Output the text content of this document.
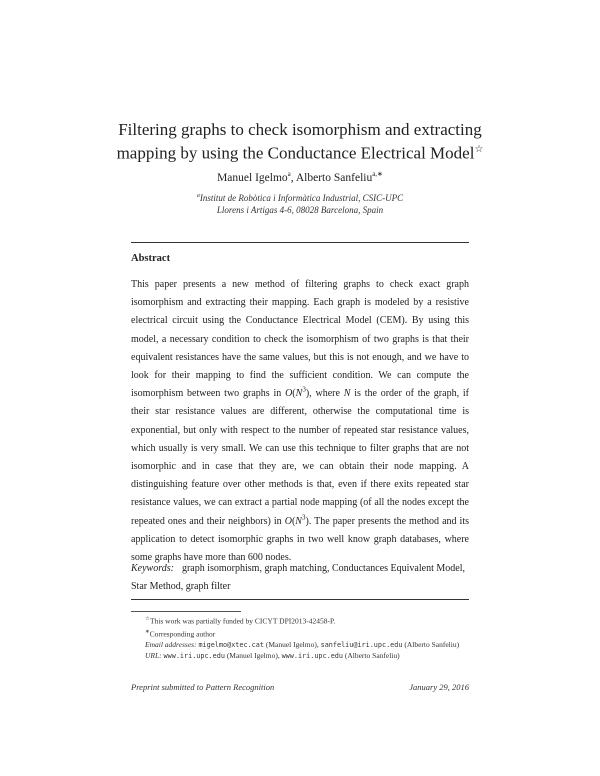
Filtering graphs to check isomorphism and extracting
mapping by using the Conductance Electrical Model☆
Manuel Igelmo$^a$, Alberto Sanfeliu$^{a,∗}$
$^a$Institut de Robòtica i Informàtica Industrial, CSIC-UPC
Llorens i Artigas 4-6, 08028 Barcelona, Spain
Abstract
This paper presents a new method of filtering graphs to check exact graph isomorphism and extracting their mapping. Each graph is modeled by a resistive electrical circuit using the Conductance Electrical Model (CEM). By using this model, a necessary condition to check the isomorphism of two graphs is that their equivalent resistances have the same values, but this is not enough, and we have to look for their mapping to find the sufficient condition. We can compute the isomorphism between two graphs in $O(N^3)$, where N is the order of the graph, if their star resistance values are different, otherwise the computational time is exponential, but only with respect to the number of repeated star resistance values, which usually is very small. We can use this technique to filter graphs that are not isomorphic and in case that they are, we can obtain their node mapping. A distinguishing feature over other methods is that, even if there exits repeated star resistance values, we can extract a partial node mapping (of all the nodes except the repeated ones and their neighbors) in $O(N^3)$. The paper presents the method and its application to detect isomorphic graphs in two well know graph databases, where some graphs have more than 600 nodes.
Keywords: graph isomorphism, graph matching, Conductances Equivalent Model, Star Method, graph filter

☆This work was partially funded by CICYT DPI2013-42458-P.

∗Corresponding author

Email addresses: migelmo@xtec.cat (Manuel Igelmo), sanfeliu@iri.upc.edu (Alberto Sanfeliu)

URL: www.iri.upc.edu (Manuel Igelmo), www.iri.upc.edu (Alberto Sanfeliu)

Preprint submitted to Pattern Recognition	January 29, 2016
